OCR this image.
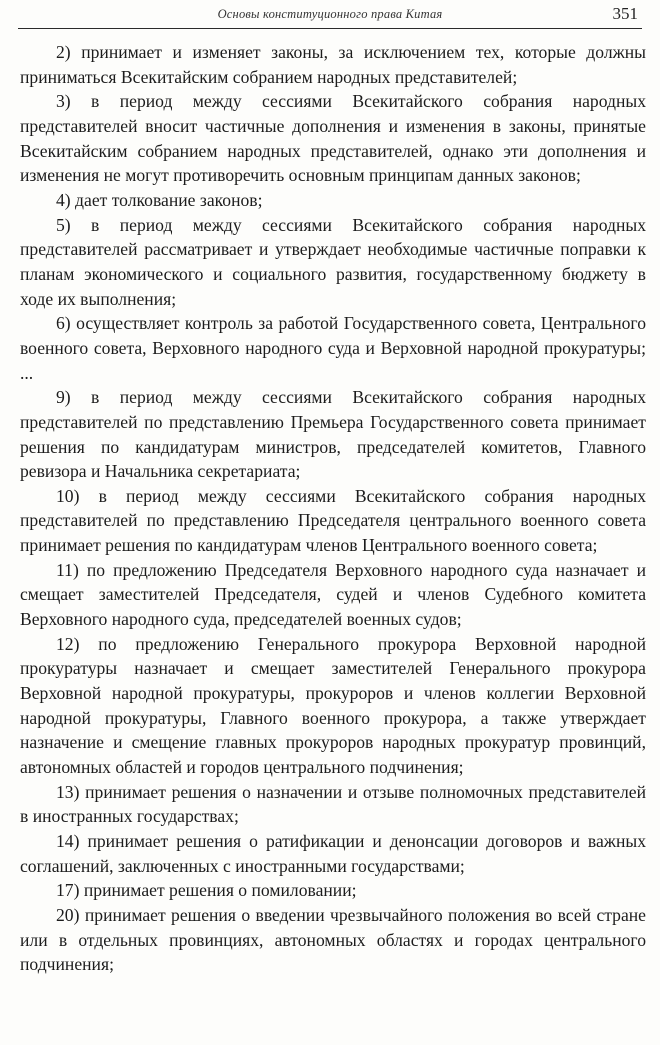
Основы конституционного права Китая	351

2) принимает и изменяет законы, за исключением тех, которые должны приниматься Всекитайским собранием народных представителей;

3) в период между сессиями Всекитайского собрания народных представителей вносит частичные дополнения и изменения в законы, принятые Всекитайским собранием народных представителей, однако эти дополнения и изменения не могут противоречить основным принципам данных законов;

4) дает толкование законов;

5) в период между сессиями Всекитайского собрания народных представителей рассматривает и утверждает необходимые частичные поправки к планам экономического и социального развития, государственному бюджету в ходе их выполнения;

6) осуществляет контроль за работой Государственного совета, Центрального военного совета, Верховного народного суда и Верховной народной прокуратуры; ...

9) в период между сессиями Всекитайского собрания народных представителей по представлению Премьера Государственного совета принимает решения по кандидатурам министров, председателей комитетов, Главного ревизора и Начальника секретариата;

10) в период между сессиями Всекитайского собрания народных представителей по представлению Председателя центрального военного совета принимает решения по кандидатурам членов Центрального военного совета;

11) по предложению Председателя Верховного народного суда назначает и смещает заместителей Председателя, судей и членов Судебного комитета Верховного народного суда, председателей военных судов;

12) по предложению Генерального прокурора Верховной народной прокуратуры назначает и смещает заместителей Генерального прокурора Верховной народной прокуратуры, прокуроров и членов коллегии Верховной народной прокуратуры, Главного военного прокурора, а также утверждает назначение и смещение главных прокуроров народных прокуратур провинций, автономных областей и городов центрального подчинения;

13) принимает решения о назначении и отзыве полномочных представителей в иностранных государствах;

14) принимает решения о ратификации и денонсации договоров и важных соглашений, заключенных с иностранными государствами;

17) принимает решения о помиловании;

20) принимает решения о введении чрезвычайного положения во всей стране или в отдельных провинциях, автономных областях и городах центрального подчинения;
